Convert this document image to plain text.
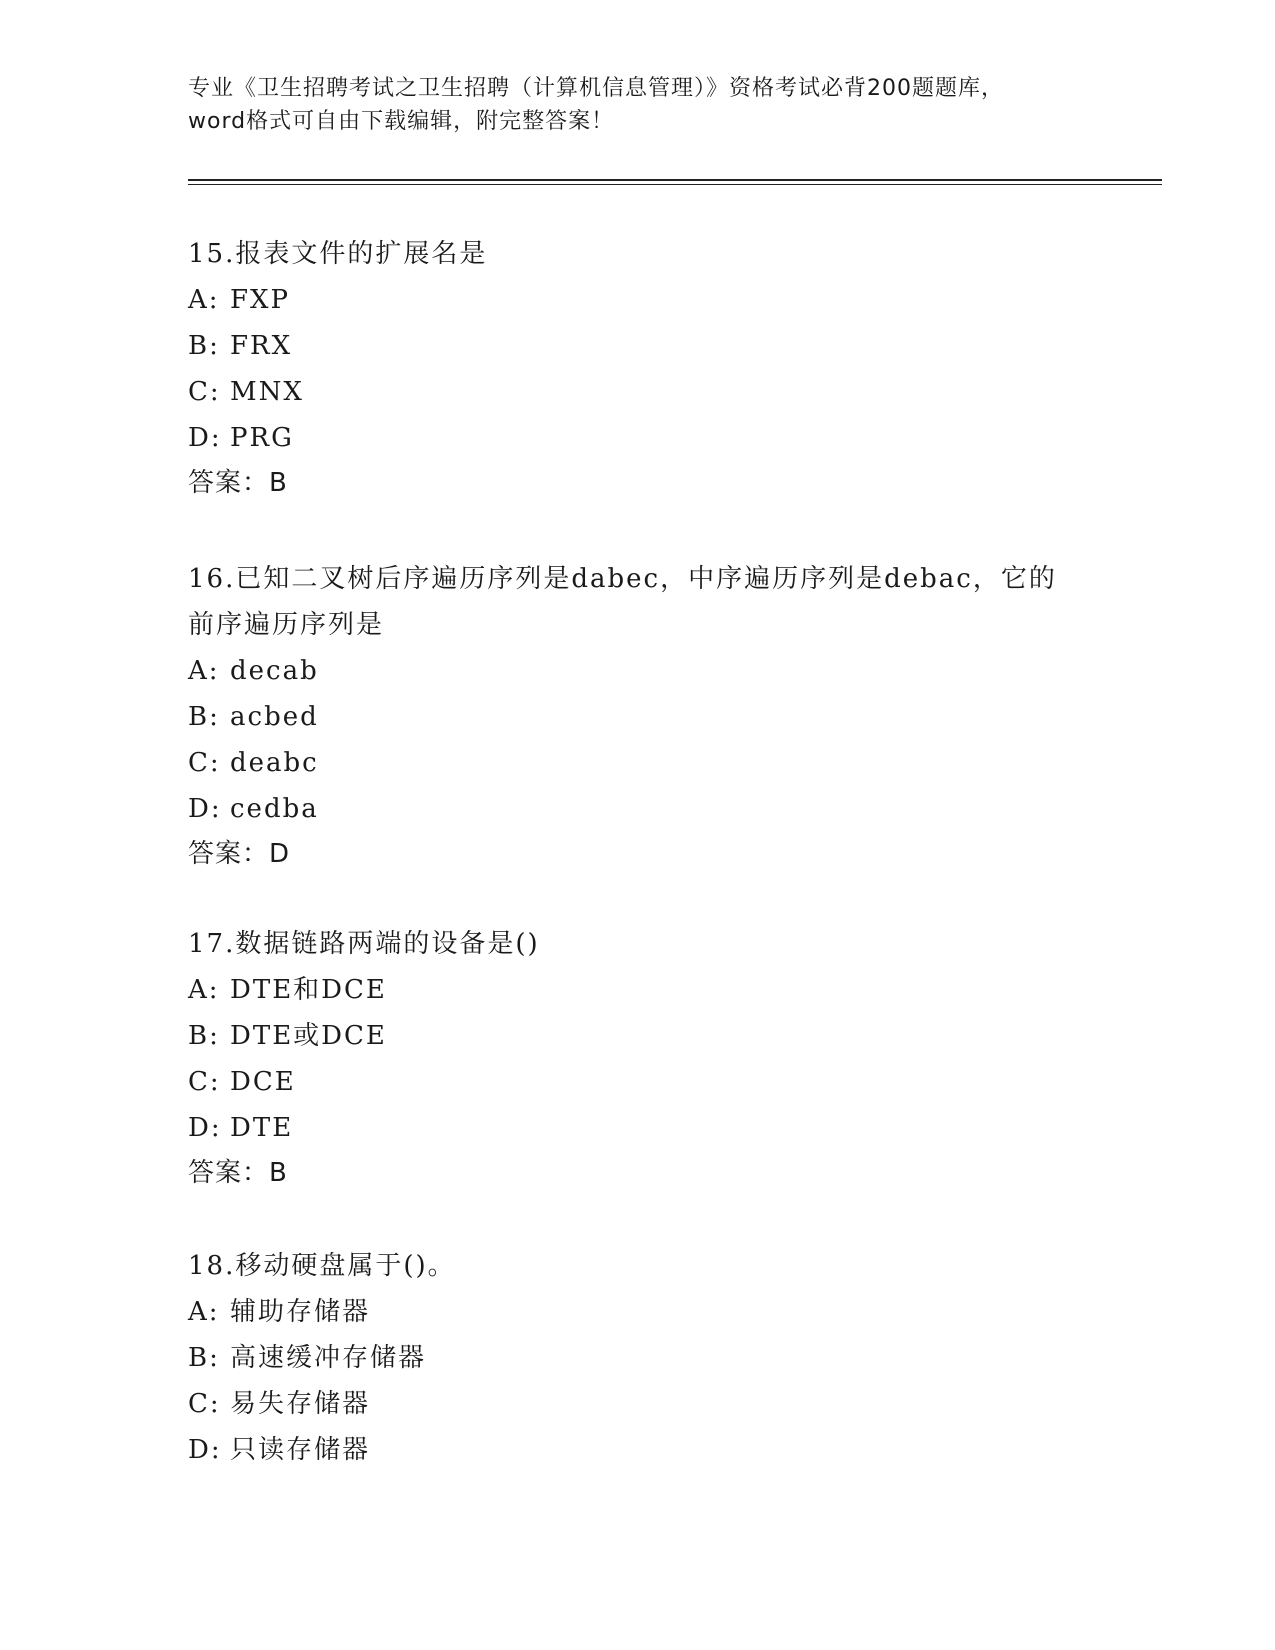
专业《卫生招聘考试之卫生招聘（计算机信息管理）》资格考试必背200题题库，
word格式可自由下载编辑，附完整答案！
15.报表文件的扩展名是
A: FXP
B: FRX
C: MNX
D: PRG
答案：B
16.已知二叉树后序遍历序列是dabec，中序遍历序列是debac，它的
前序遍历序列是
A: decab
B: acbed
C: deabc
D: cedba
答案：D
17.数据链路两端的设备是()
A: DTE和DCE
B: DTE或DCE
C: DCE
D: DTE
答案：B
18.移动硬盘属于()。
A: 辅助存储器
B: 高速缓冲存储器
C: 易失存储器
D: 只读存储器
